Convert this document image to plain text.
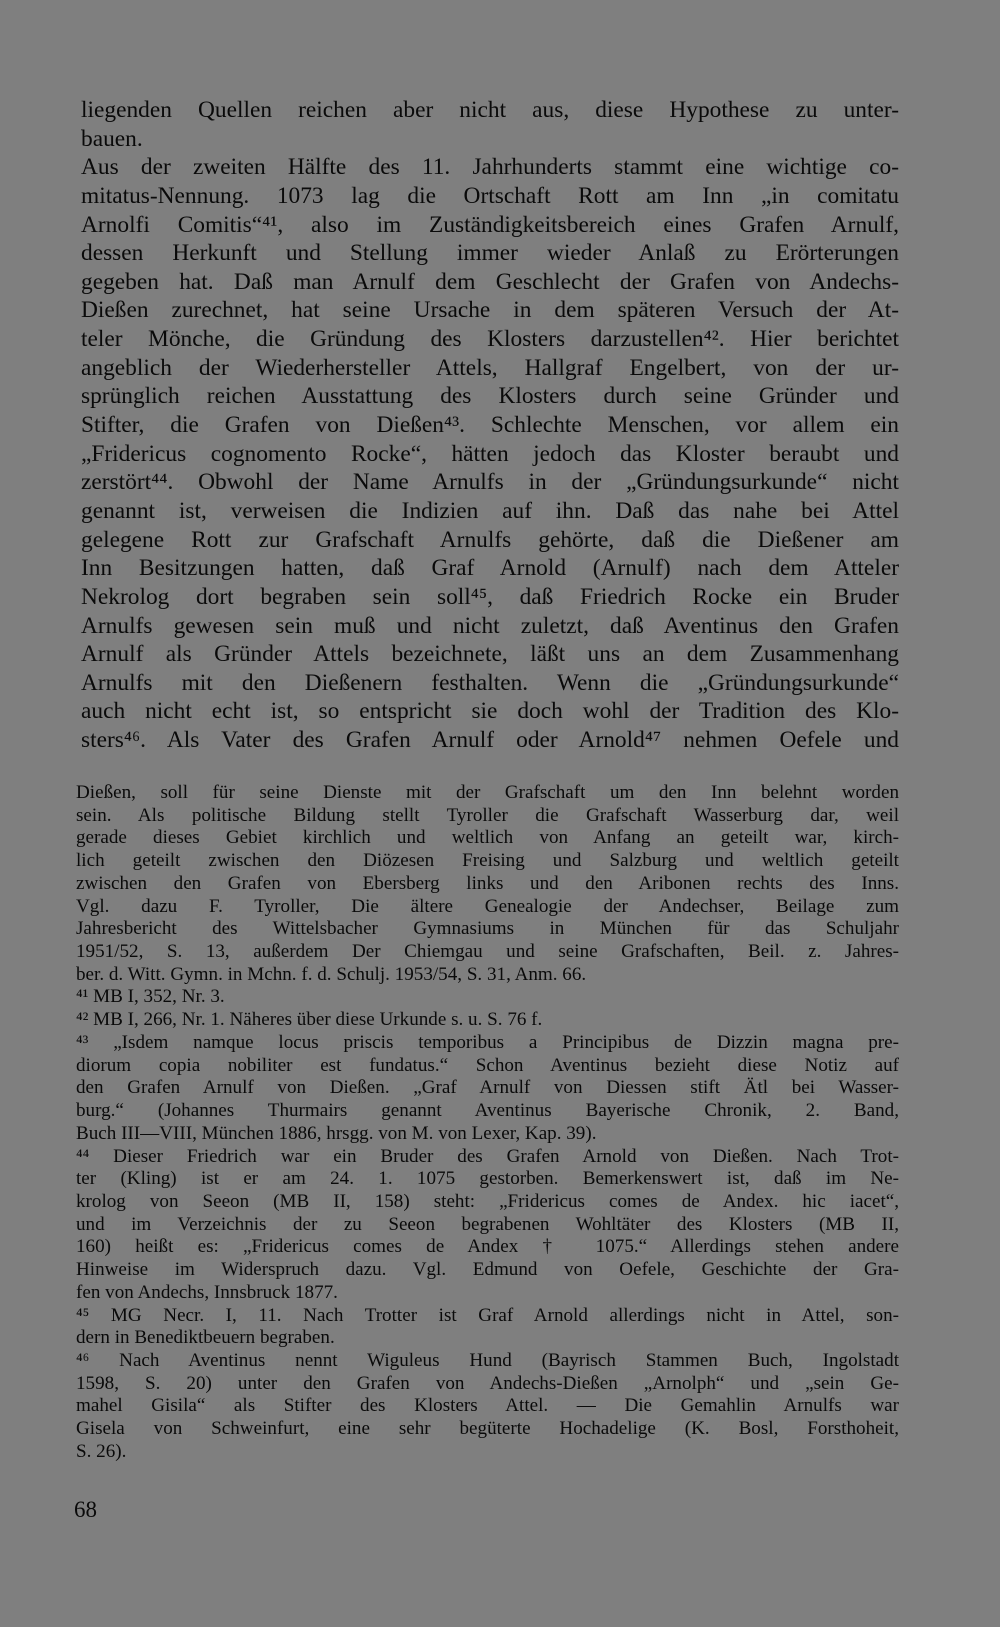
liegenden Quellen reichen aber nicht aus, diese Hypothese zu unter-
bauen.
Aus der zweiten Hälfte des 11. Jahrhunderts stammt eine wichtige co-
mitatus-Nennung. 1073 lag die Ortschaft Rott am Inn „in comitatu
Arnolfi Comitis“⁴¹, also im Zuständigkeitsbereich eines Grafen Arnulf,
dessen Herkunft und Stellung immer wieder Anlaß zu Erörterungen
gegeben hat. Daß man Arnulf dem Geschlecht der Grafen von Andechs-
Dießen zurechnet, hat seine Ursache in dem späteren Versuch der At-
teler Mönche, die Gründung des Klosters darzustellen⁴². Hier berichtet
angeblich der Wiederhersteller Attels, Hallgraf Engelbert, von der ur-
sprünglich reichen Ausstattung des Klosters durch seine Gründer und
Stifter, die Grafen von Dießen⁴³. Schlechte Menschen, vor allem ein
„Fridericus cognomento Rocke“, hätten jedoch das Kloster beraubt und
zerstört⁴⁴. Obwohl der Name Arnulfs in der „Gründungsurkunde“ nicht
genannt ist, verweisen die Indizien auf ihn. Daß das nahe bei Attel
gelegene Rott zur Grafschaft Arnulfs gehörte, daß die Dießener am
Inn Besitzungen hatten, daß Graf Arnold (Arnulf) nach dem Atteler
Nekrolog dort begraben sein soll⁴⁵, daß Friedrich Rocke ein Bruder
Arnulfs gewesen sein muß und nicht zuletzt, daß Aventinus den Grafen
Arnulf als Gründer Attels bezeichnete, läßt uns an dem Zusammenhang
Arnulfs mit den Dießenern festhalten. Wenn die „Gründungsurkunde“
auch nicht echt ist, so entspricht sie doch wohl der Tradition des Klo-
sters⁴⁶. Als Vater des Grafen Arnulf oder Arnold⁴⁷ nehmen Oefele und
Dießen, soll für seine Dienste mit der Grafschaft um den Inn belehnt worden
sein. Als politische Bildung stellt Tyroller die Grafschaft Wasserburg dar, weil
gerade dieses Gebiet kirchlich und weltlich von Anfang an geteilt war, kirch-
lich geteilt zwischen den Diözesen Freising und Salzburg und weltlich geteilt
zwischen den Grafen von Ebersberg links und den Aribonen rechts des Inns.
Vgl. dazu F. Tyroller, Die ältere Genealogie der Andechser, Beilage zum
Jahresbericht des Wittelsbacher Gymnasiums in München für das Schuljahr
1951/52, S. 13, außerdem Der Chiemgau und seine Grafschaften, Beil. z. Jahres-
ber. d. Witt. Gymn. in Mchn. f. d. Schulj. 1953/54, S. 31, Anm. 66.
⁴¹ MB I, 352, Nr. 3.
⁴² MB I, 266, Nr. 1. Näheres über diese Urkunde s. u. S. 76 f.
⁴³ „Isdem namque locus priscis temporibus a Principibus de Dizzin magna pre-
diorum copia nobiliter est fundatus.“ Schon Aventinus bezieht diese Notiz auf
den Grafen Arnulf von Dießen. „Graf Arnulf von Diessen stift Ätl bei Wasser-
burg.“ (Johannes Thurmairs genannt Aventinus Bayerische Chronik, 2. Band,
Buch III—VIII, München 1886, hrsgg. von M. von Lexer, Kap. 39).
⁴⁴ Dieser Friedrich war ein Bruder des Grafen Arnold von Dießen. Nach Trot-
ter (Kling) ist er am 24. 1. 1075 gestorben. Bemerkenswert ist, daß im Ne-
krolog von Seeon (MB II, 158) steht: „Fridericus comes de Andex. hic iacet“,
und im Verzeichnis der zu Seeon begrabenen Wohltäter des Klosters (MB II,
160) heißt es: „Fridericus comes de Andex † 1075.“ Allerdings stehen andere
Hinweise im Widerspruch dazu. Vgl. Edmund von Oefele, Geschichte der Gra-
fen von Andechs, Innsbruck 1877.
⁴⁵ MG Necr. I, 11. Nach Trotter ist Graf Arnold allerdings nicht in Attel, son-
dern in Benediktbeuern begraben.
⁴⁶ Nach Aventinus nennt Wiguleus Hund (Bayrisch Stammen Buch, Ingolstadt
1598, S. 20) unter den Grafen von Andechs-Dießen „Arnolph“ und „sein Ge-
mahel Gisila“ als Stifter des Klosters Attel. — Die Gemahlin Arnulfs war
Gisela von Schweinfurt, eine sehr begüterte Hochadelige (K. Bosl, Forsthoheit,
S. 26).
68
